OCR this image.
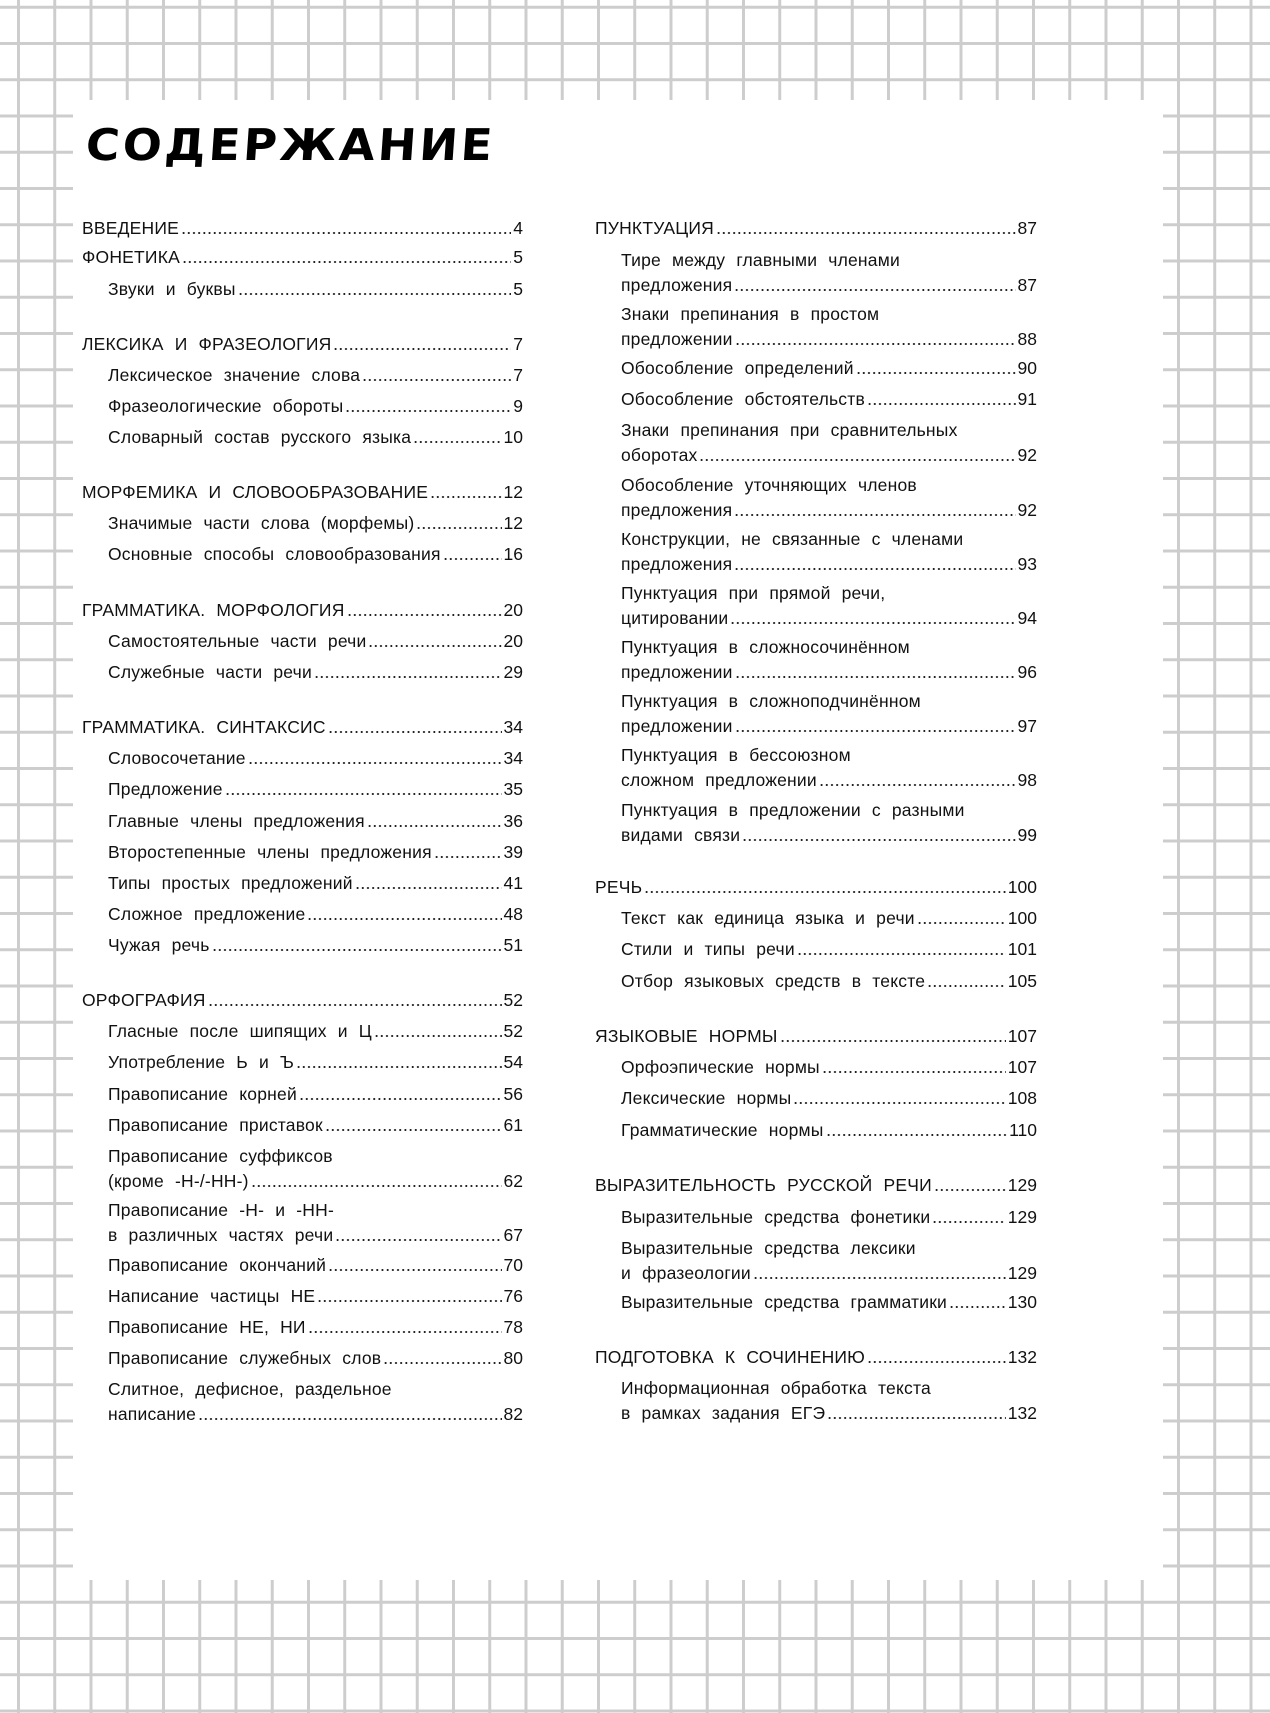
СОДЕРЖАНИЕ
ВВЕДЕНИЕ	4
ФОНЕТИКА	5
Звуки и буквы	5
ЛЕКСИКА И ФРАЗЕОЛОГИЯ	7
Лексическое значение слова	7
Фразеологические обороты	9
Словарный состав русского языка	10
МОРФЕМИКА И СЛОВООБРАЗОВАНИЕ	12
Значимые части слова (морфемы)	12
Основные способы словообразования	16
ГРАММАТИКА. МОРФОЛОГИЯ	20
Самостоятельные части речи	20
Служебные части речи	29
ГРАММАТИКА. СИНТАКСИС	34
Словосочетание	34
Предложение	35
Главные члены предложения	36
Второстепенные члены предложения	39
Типы простых предложений	41
Сложное предложение	48
Чужая речь	51
ОРФОГРАФИЯ	52
Гласные после шипящих и Ц	52
Употребление Ь и Ъ	54
Правописание корней	56
Правописание приставок	61
Правописание суффиксов
(кроме -Н-/-НН-)	62
Правописание -Н- и -НН-
в различных частях речи	67
Правописание окончаний	70
Написание частицы НЕ	76
Правописание НЕ, НИ	78
Правописание служебных слов	80
Слитное, дефисное, раздельное
написание	82
ПУНКТУАЦИЯ	87
Тире между главными членами
предложения	87
Знаки препинания в простом
предложении	88
Обособление определений	90
Обособление обстоятельств	91
Знаки препинания при сравнительных
оборотах	92
Обособление уточняющих членов
предложения	92
Конструкции, не связанные с членами
предложения	93
Пунктуация при прямой речи,
цитировании	94
Пунктуация в сложносочинённом
предложении	96
Пунктуация в сложноподчинённом
предложении	97
Пунктуация в бессоюзном
сложном предложении	98
Пунктуация в предложении с разными
видами связи	99
РЕЧЬ	100
Текст как единица языка и речи	100
Стили и типы речи	101
Отбор языковых средств в тексте	105
ЯЗЫКОВЫЕ НОРМЫ	107
Орфоэпические нормы	107
Лексические нормы	108
Грамматические нормы	110
ВЫРАЗИТЕЛЬНОСТЬ РУССКОЙ РЕЧИ	129
Выразительные средства фонетики	129
Выразительные средства лексики
и фразеологии	129
Выразительные средства грамматики	130
ПОДГОТОВКА К СОЧИНЕНИЮ	132
Информационная обработка текста
в рамках задания ЕГЭ	132
